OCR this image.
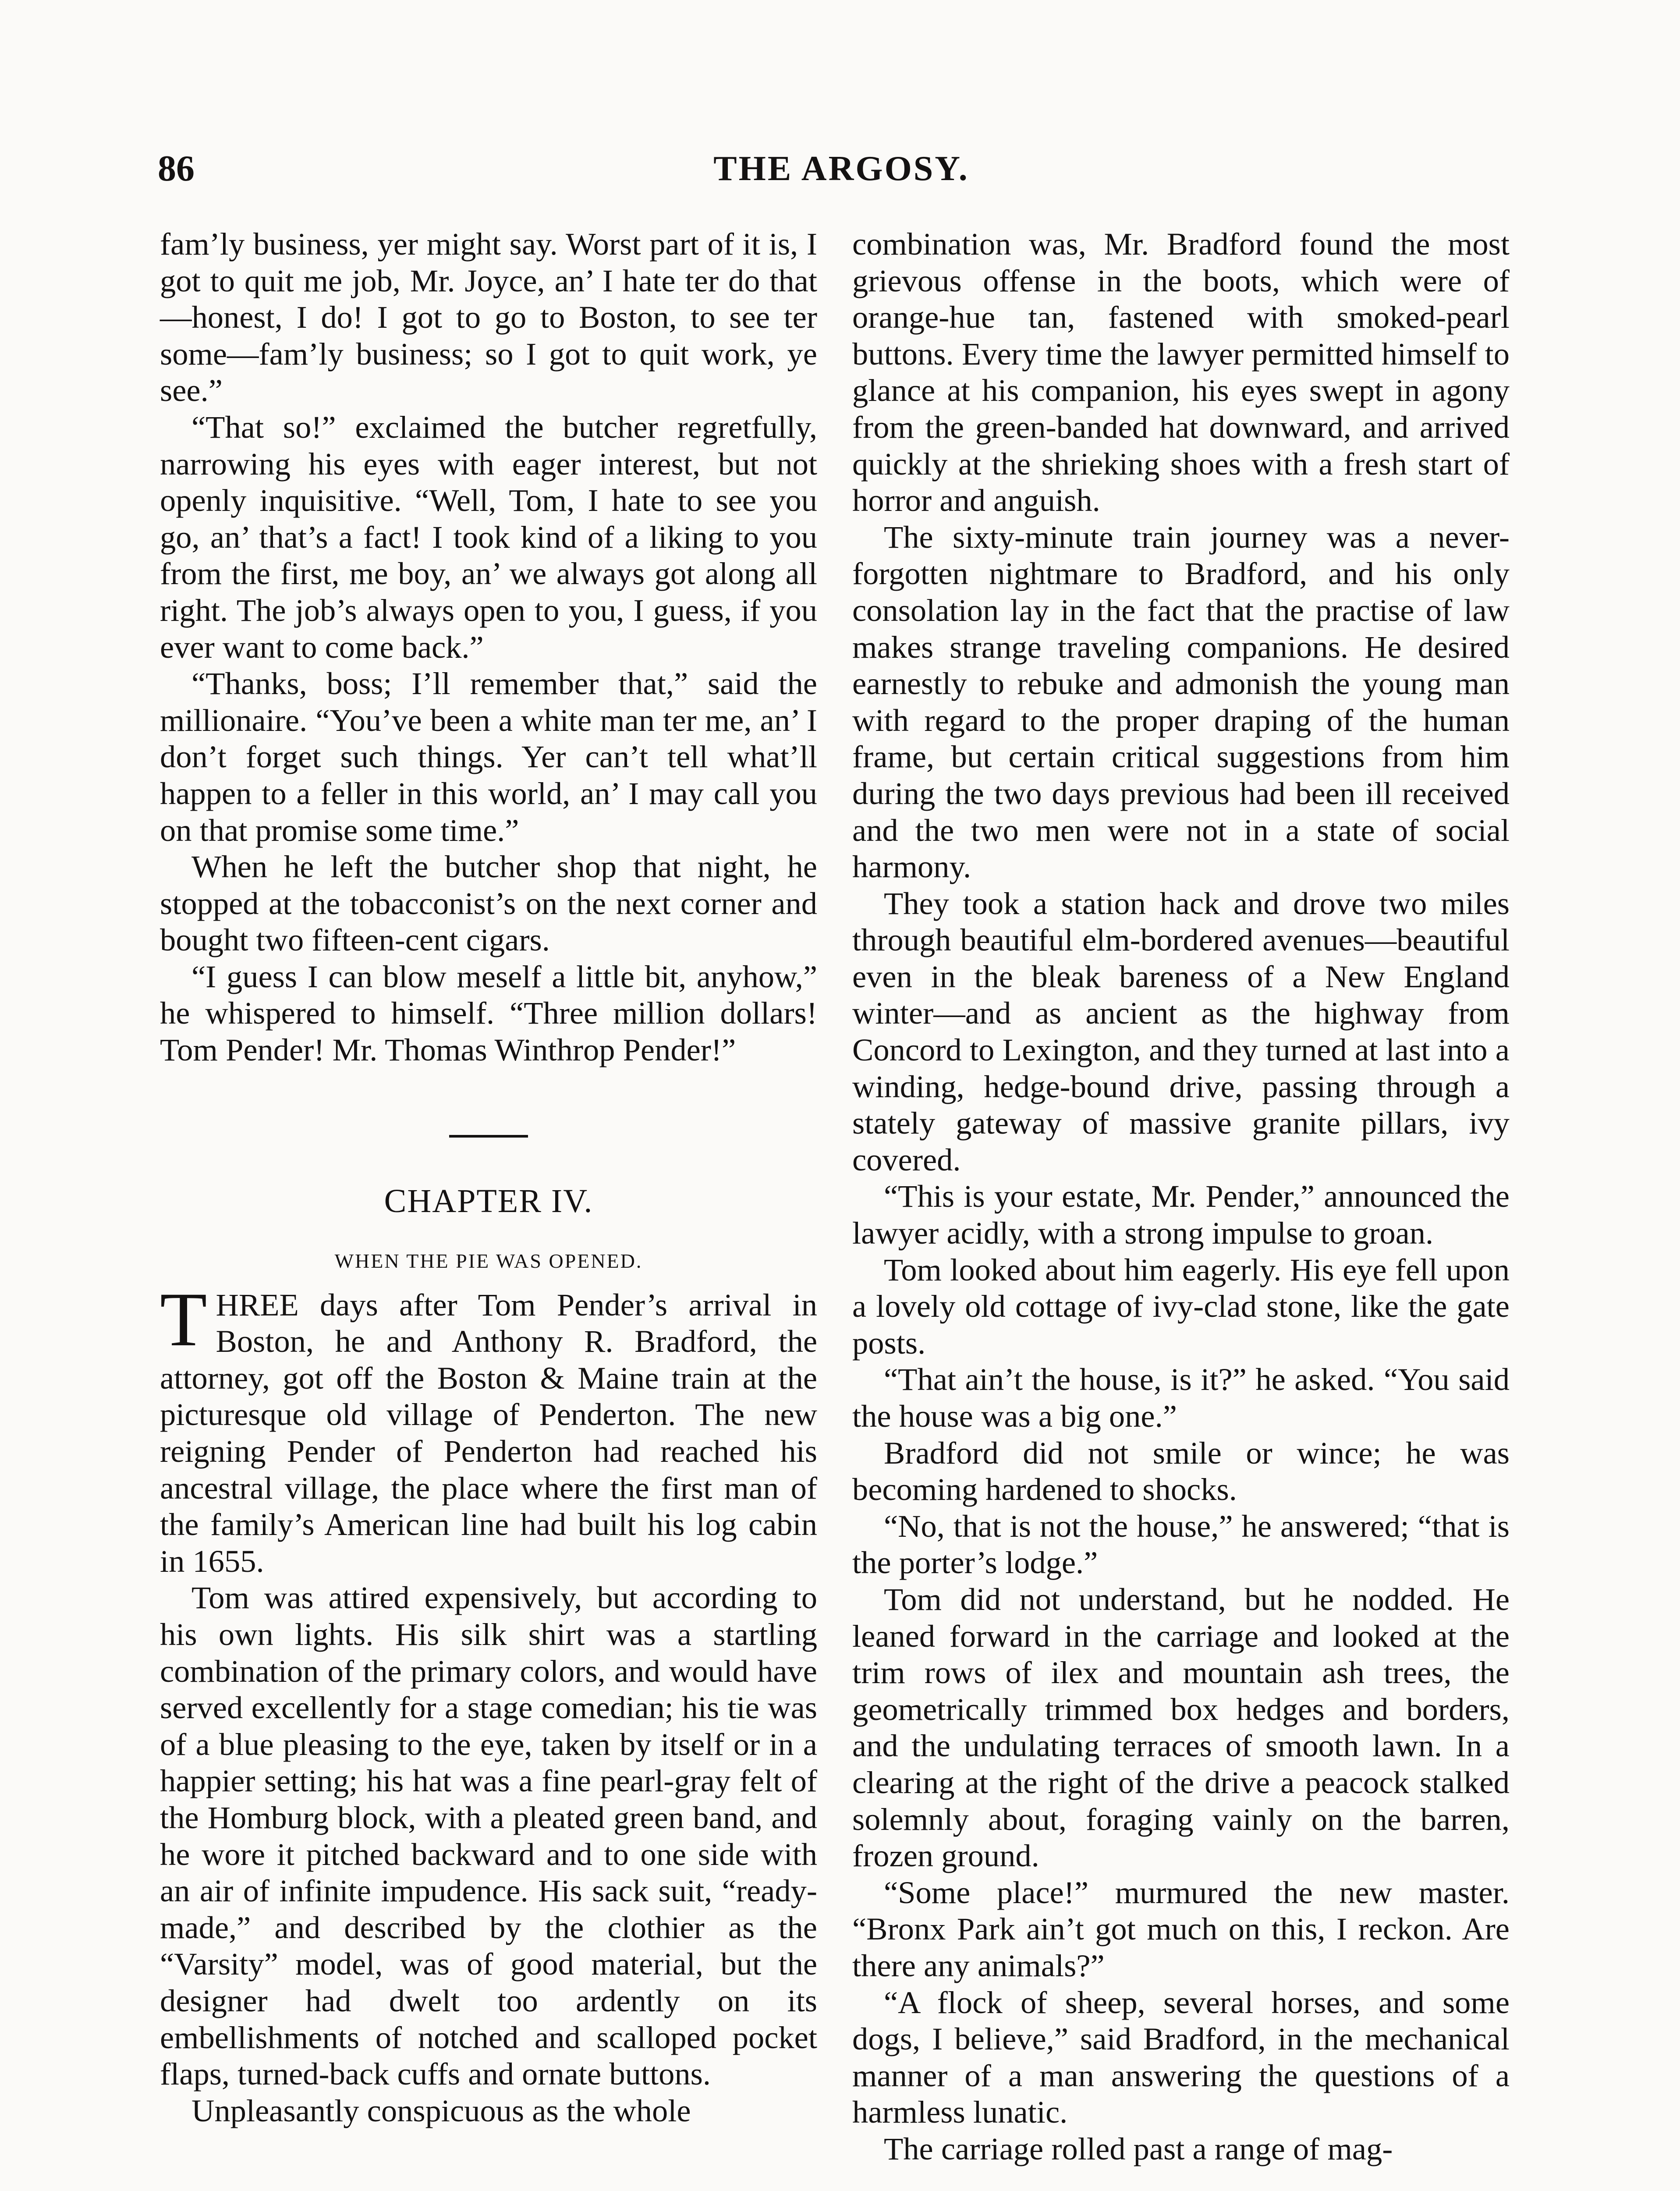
86	THE ARGOSY.

fam’ly business, yer might say. Worst part of it is, I got to quit me job, Mr. Joyce, an’ I hate ter do that—honest, I do! I got to go to Boston, to see ter some—fam’ly business; so I got to quit work, ye see.”

“That so!” exclaimed the butcher regretfully, narrowing his eyes with eager interest, but not openly inquisitive. “Well, Tom, I hate to see you go, an’ that’s a fact! I took kind of a liking to you from the first, me boy, an’ we always got along all right. The job’s always open to you, I guess, if you ever want to come back.”

“Thanks, boss; I’ll remember that,” said the millionaire. “You’ve been a white man ter me, an’ I don’t forget such things. Yer can’t tell what’ll happen to a feller in this world, an’ I may call you on that promise some time.”

When he left the butcher shop that night, he stopped at the tobacconist’s on the next corner and bought two fifteen-cent cigars.

“I guess I can blow meself a little bit, anyhow,” he whispered to himself. “Three million dollars! Tom Pender! Mr. Thomas Winthrop Pender!”

CHAPTER IV.
WHEN THE PIE WAS OPENED.

THREE days after Tom Pender’s arrival in Boston, he and Anthony R. Bradford, the attorney, got off the Boston & Maine train at the picturesque old village of Penderton. The new reigning Pender of Penderton had reached his ancestral village, the place where the first man of the family’s American line had built his log cabin in 1655.

Tom was attired expensively, but according to his own lights. His silk shirt was a startling combination of the primary colors, and would have served excellently for a stage comedian; his tie was of a blue pleasing to the eye, taken by itself or in a happier setting; his hat was a fine pearl-gray felt of the Homburg block, with a pleated green band, and he wore it pitched backward and to one side with an air of infinite impudence. His sack suit, “ready-made,” and described by the clothier as the “Varsity” model, was of good material, but the designer had dwelt too ardently on its embellishments of notched and scalloped pocket flaps, turned-back cuffs and ornate buttons.

Unpleasantly conspicuous as the whole

combination was, Mr. Bradford found the most grievous offense in the boots, which were of orange-hue tan, fastened with smoked-pearl buttons. Every time the lawyer permitted himself to glance at his companion, his eyes swept in agony from the green-banded hat downward, and arrived quickly at the shrieking shoes with a fresh start of horror and anguish.

The sixty-minute train journey was a never-forgotten nightmare to Bradford, and his only consolation lay in the fact that the practise of law makes strange traveling companions. He desired earnestly to rebuke and admonish the young man with regard to the proper draping of the human frame, but certain critical suggestions from him during the two days previous had been ill received and the two men were not in a state of social harmony.

They took a station hack and drove two miles through beautiful elm-bordered avenues—beautiful even in the bleak bareness of a New England winter—and as ancient as the highway from Concord to Lexington, and they turned at last into a winding, hedge-bound drive, passing through a stately gateway of massive granite pillars, ivy covered.

“This is your estate, Mr. Pender,” announced the lawyer acidly, with a strong impulse to groan.

Tom looked about him eagerly. His eye fell upon a lovely old cottage of ivy-clad stone, like the gate posts.

“That ain’t the house, is it?” he asked. “You said the house was a big one.”

Bradford did not smile or wince; he was becoming hardened to shocks.

“No, that is not the house,” he answered; “that is the porter’s lodge.”

Tom did not understand, but he nodded. He leaned forward in the carriage and looked at the trim rows of ilex and mountain ash trees, the geometrically trimmed box hedges and borders, and the undulating terraces of smooth lawn. In a clearing at the right of the drive a peacock stalked solemnly about, foraging vainly on the barren, frozen ground.

“Some place!” murmured the new master. “Bronx Park ain’t got much on this, I reckon. Are there any animals?”

“A flock of sheep, several horses, and some dogs, I believe,” said Bradford, in the mechanical manner of a man answering the questions of a harmless lunatic.

The carriage rolled past a range of mag-
